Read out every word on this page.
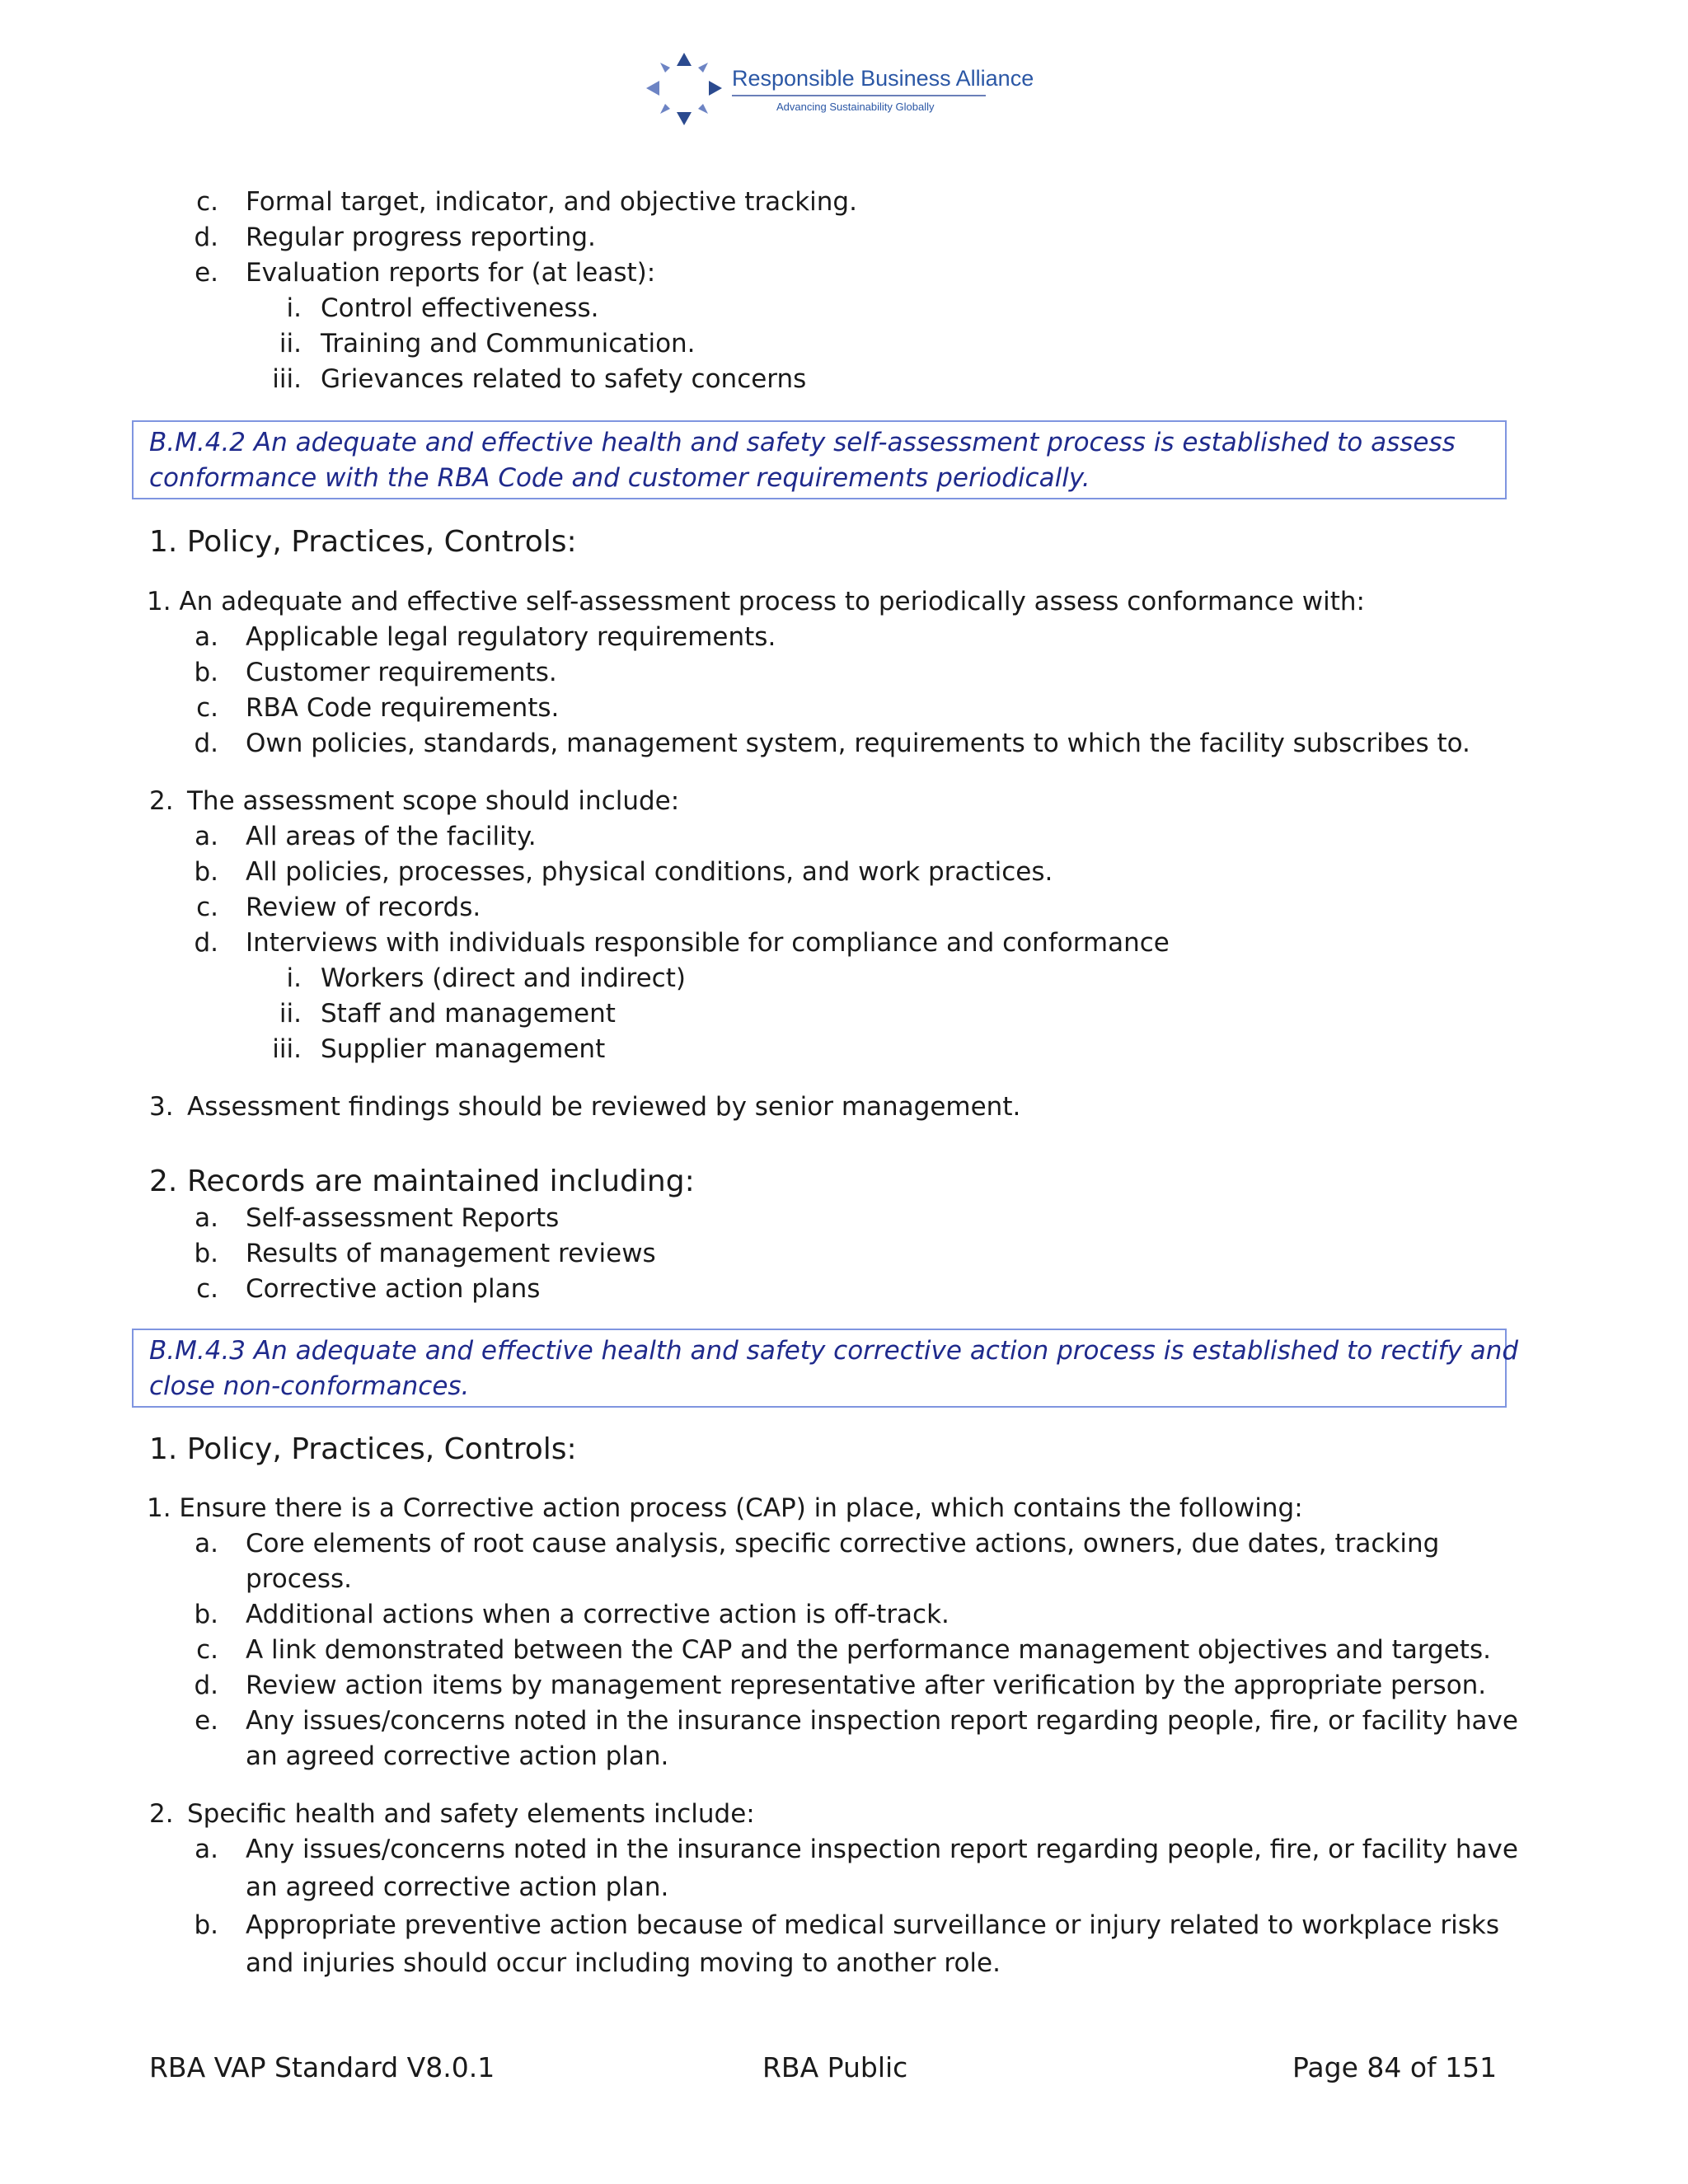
Responsible Business Alliance
Advancing Sustainability Globally
c. Formal target, indicator, and objective tracking.
d. Regular progress reporting.
e. Evaluation reports for (at least):
i. Control effectiveness.
ii. Training and Communication.
iii. Grievances related to safety concerns
B.M.4.2 An adequate and effective health and safety self-assessment process is established to assess
conformance with the RBA Code and customer requirements periodically.
1. Policy, Practices, Controls:
1. An adequate and effective self-assessment process to periodically assess conformance with:
a. Applicable legal regulatory requirements.
b. Customer requirements.
c. RBA Code requirements.
d. Own policies, standards, management system, requirements to which the facility subscribes to.
2. The assessment scope should include:
a. All areas of the facility.
b. All policies, processes, physical conditions, and work practices.
c. Review of records.
d. Interviews with individuals responsible for compliance and conformance
i. Workers (direct and indirect)
ii. Staff and management
iii. Supplier management
3. Assessment findings should be reviewed by senior management.
2. Records are maintained including:
a. Self-assessment Reports
b. Results of management reviews
c. Corrective action plans
B.M.4.3 An adequate and effective health and safety corrective action process is established to rectify and
close non-conformances.
1. Policy, Practices, Controls:
1. Ensure there is a Corrective action process (CAP) in place, which contains the following:
a. Core elements of root cause analysis, specific corrective actions, owners, due dates, tracking
process.
b. Additional actions when a corrective action is off-track.
c. A link demonstrated between the CAP and the performance management objectives and targets.
d. Review action items by management representative after verification by the appropriate person.
e. Any issues/concerns noted in the insurance inspection report regarding people, fire, or facility have
an agreed corrective action plan.
2. Specific health and safety elements include:
a. Any issues/concerns noted in the insurance inspection report regarding people, fire, or facility have
an agreed corrective action plan.
b. Appropriate preventive action because of medical surveillance or injury related to workplace risks
and injuries should occur including moving to another role.
RBA VAP Standard V8.0.1	RBA Public	Page 84 of 151
